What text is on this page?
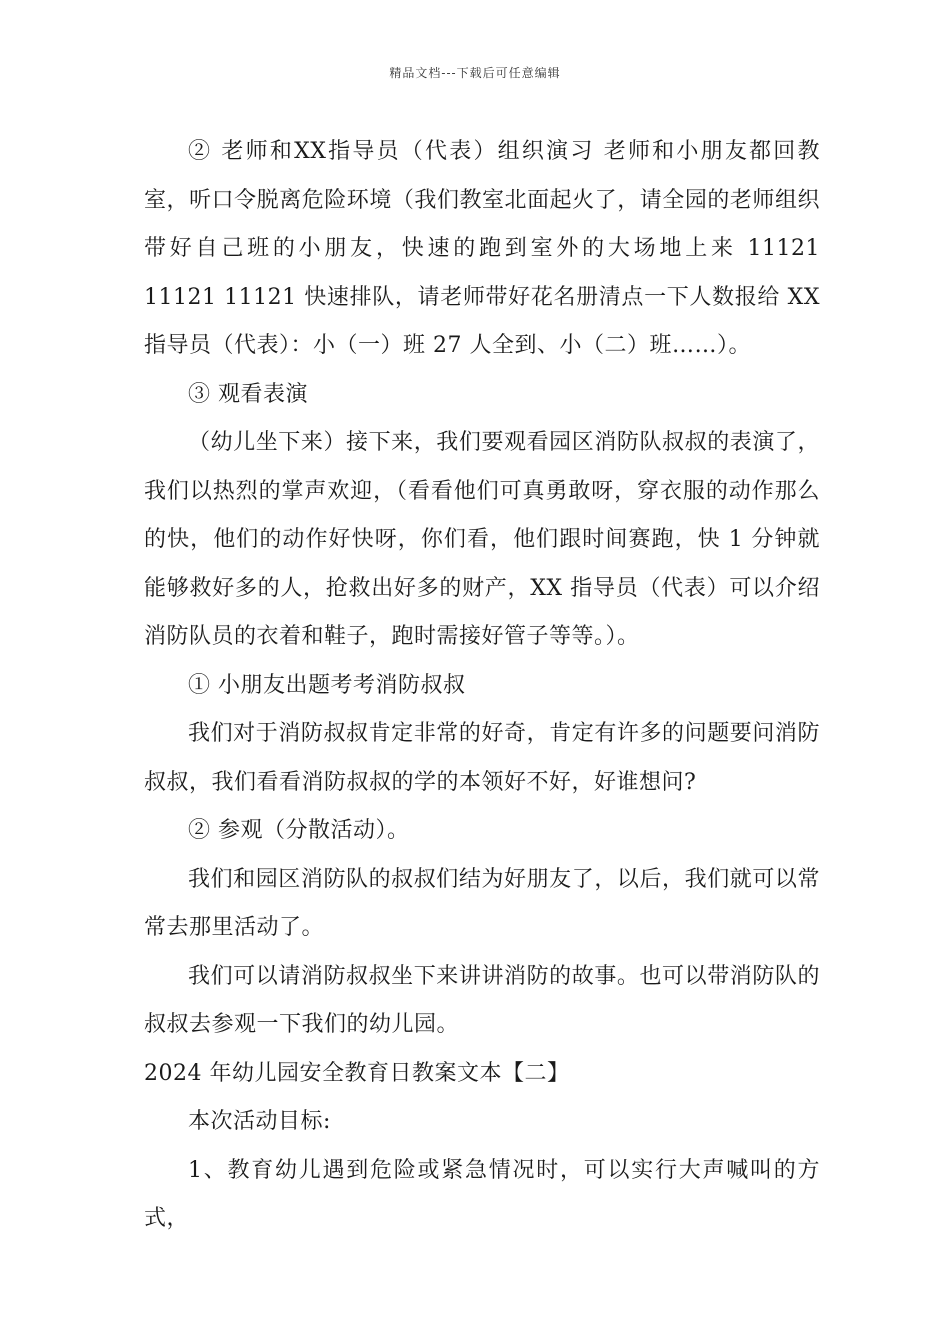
精品文档---下载后可任意编辑

② 老师和XX指导员（代表）组织演习 老师和小朋友都回教室，听口令脱离危险环境（我们教室北面起火了，请全园的老师组织带好自己班的小朋友，快速的跑到室外的大场地上来 11121 11121 11121 快速排队，请老师带好花名册清点一下人数报给 XX 指导员（代表）：小（一）班 27 人全到、小（二）班……）。

③ 观看表演

（幼儿坐下来）接下来，我们要观看园区消防队叔叔的表演了，我们以热烈的掌声欢迎，（看看他们可真勇敢呀，穿衣服的动作那么的快，他们的动作好快呀，你们看，他们跟时间赛跑，快 1 分钟就能够救好多的人，抢救出好多的财产，XX 指导员（代表）可以介绍消防队员的衣着和鞋子，跑时需接好管子等等。）。

① 小朋友出题考考消防叔叔

我们对于消防叔叔肯定非常的好奇，肯定有许多的问题要问消防叔叔，我们看看消防叔叔的学的本领好不好，好谁想问?

② 参观（分散活动）。

我们和园区消防队的叔叔们结为好朋友了，以后，我们就可以常常去那里活动了。

我们可以请消防叔叔坐下来讲讲消防的故事。也可以带消防队的叔叔去参观一下我们的幼儿园。

2024 年幼儿园安全教育日教案文本【二】

本次活动目标:

1、教育幼儿遇到危险或紧急情况时，可以实行大声喊叫的方式，
